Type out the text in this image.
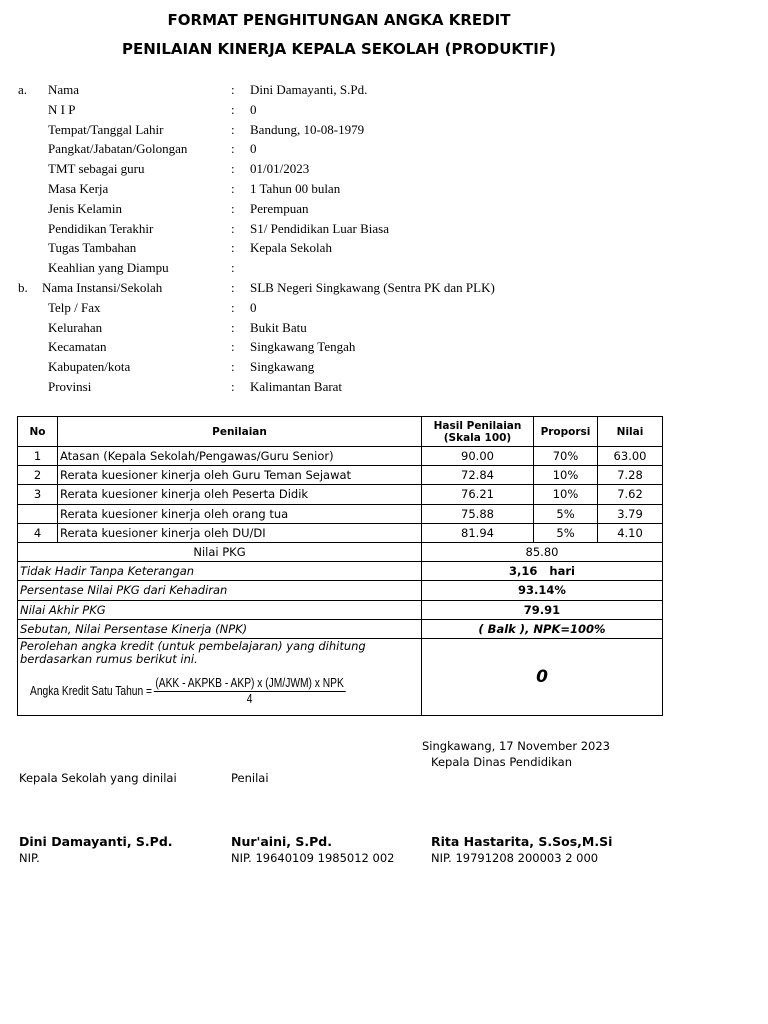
FORMAT PENGHITUNGAN ANGKA KREDIT
PENILAIAN KINERJA KEPALA SEKOLAH (PRODUKTIF)
a. Nama	: Dini Damayanti, S.Pd.
N I P	: 0
Tempat/Tanggal Lahir	: Bandung, 10-08-1979
Pangkat/Jabatan/Golongan	: 0
TMT sebagai guru	: 01/01/2023
Masa Kerja	: 1 Tahun 00 bulan
Jenis Kelamin	: Perempuan
Pendidikan Terakhir	: S1/ Pendidikan Luar Biasa
Tugas Tambahan	: Kepala Sekolah
Keahlian yang Diampu	:
b. Nama Instansi/Sekolah	: SLB Negeri Singkawang (Sentra PK dan PLK)
Telp / Fax	: 0
Kelurahan	: Bukit Batu
Kecamatan	: Singkawang Tengah
Kabupaten/kota	: Singkawang
Provinsi	: Kalimantan Barat
No	Penilaian	Hasil Penilaian (Skala 100)	Proporsi	Nilai
1	Atasan (Kepala Sekolah/Pengawas/Guru Senior)	90.00	70%	63.00
2	Rerata kuesioner kinerja oleh Guru Teman Sejawat	72.84	10%	7.28
3	Rerata kuesioner kinerja oleh Peserta Didik	76.21	10%	7.62
	Rerata kuesioner kinerja oleh orang tua	75.88	5%	3.79
4	Rerata kuesioner kinerja oleh DU/DI	81.94	5%	4.10
Nilai PKG		85.80		
Tidak Hadir Tanpa Keterangan		3,16   hari		
Persentase Nilai PKG dari Kehadiran		93.14%		
Nilai Akhir PKG		79.91		
Sebutan, Nilai Persentase Kinerja (NPK)		( Balk ), NPK=100%		

Perolehan angka kredit (untuk pembelajaran) yang dihitung berdasarkan rumus berikut ini.
Angka Kredit Satu Tahun = $\frac{\text{(AKK - AKPKB - AKP) x (JM/JWM) x NPK}}{4}$		0		
Singkawang, 17 November 2023
Kepala Dinas Pendidikan
Kepala Sekolah yang dinilai	Penilai
Dini Damayanti, S.Pd.	Nur'aini, S.Pd.	Rita Hastarita, S.Sos,M.Si
NIP.	NIP. 19640109 1985012 002	NIP. 19791208 200003 2 000
